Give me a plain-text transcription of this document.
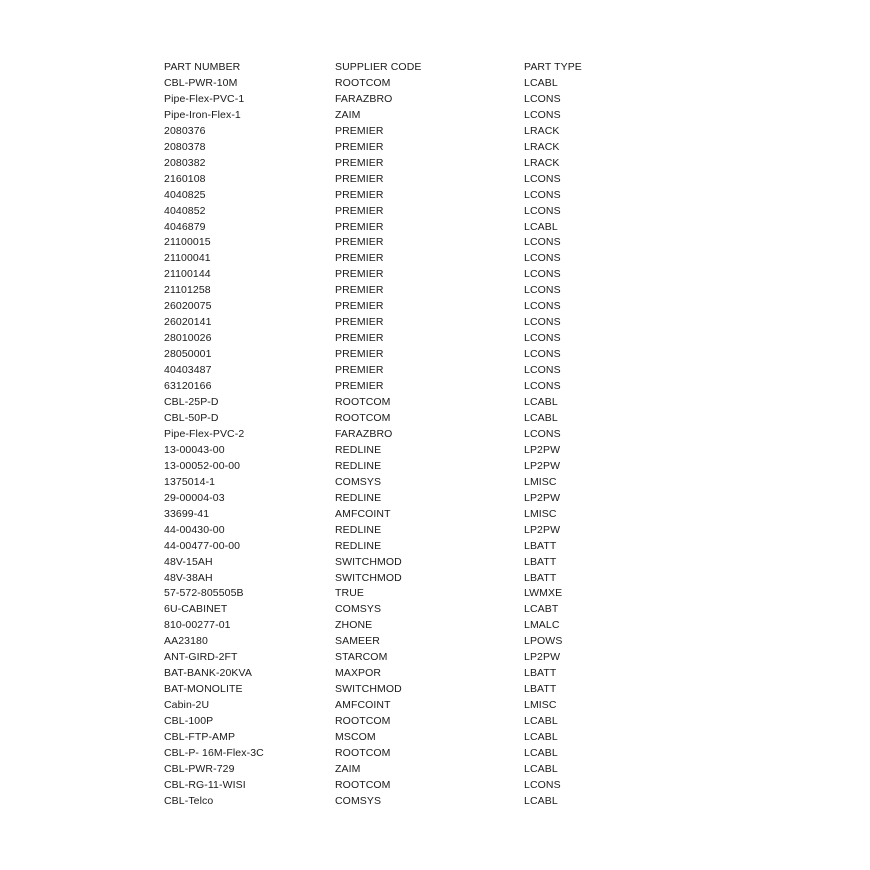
PART NUMBER	SUPPLIER CODE	PART TYPE
CBL-PWR-10M	ROOTCOM	LCABL
Pipe-Flex-PVC-1	FARAZBRO	LCONS
Pipe-Iron-Flex-1	ZAIM	LCONS
2080376	PREMIER	LRACK
2080378	PREMIER	LRACK
2080382	PREMIER	LRACK
2160108	PREMIER	LCONS
4040825	PREMIER	LCONS
4040852	PREMIER	LCONS
4046879	PREMIER	LCABL
21100015	PREMIER	LCONS
21100041	PREMIER	LCONS
21100144	PREMIER	LCONS
21101258	PREMIER	LCONS
26020075	PREMIER	LCONS
26020141	PREMIER	LCONS
28010026	PREMIER	LCONS
28050001	PREMIER	LCONS
40403487	PREMIER	LCONS
63120166	PREMIER	LCONS
CBL-25P-D	ROOTCOM	LCABL
CBL-50P-D	ROOTCOM	LCABL
Pipe-Flex-PVC-2	FARAZBRO	LCONS
13-00043-00	REDLINE	LP2PW
13-00052-00-00	REDLINE	LP2PW
1375014-1	COMSYS	LMISC
29-00004-03	REDLINE	LP2PW
33699-41	AMFCOINT	LMISC
44-00430-00	REDLINE	LP2PW
44-00477-00-00	REDLINE	LBATT
48V-15AH	SWITCHMOD	LBATT
48V-38AH	SWITCHMOD	LBATT
57-572-805505B	TRUE	LWMXE
6U-CABINET	COMSYS	LCABT
810-00277-01	ZHONE	LMALC
AA23180	SAMEER	LPOWS
ANT-GIRD-2FT	STARCOM	LP2PW
BAT-BANK-20KVA	MAXPOR	LBATT
BAT-MONOLITE	SWITCHMOD	LBATT
Cabin-2U	AMFCOINT	LMISC
CBL-100P	ROOTCOM	LCABL
CBL-FTP-AMP	MSCOM	LCABL
CBL-P- 16M-Flex-3C	ROOTCOM	LCABL
CBL-PWR-729	ZAIM	LCABL
CBL-RG-11-WISI	ROOTCOM	LCONS
CBL-Telco	COMSYS	LCABL
